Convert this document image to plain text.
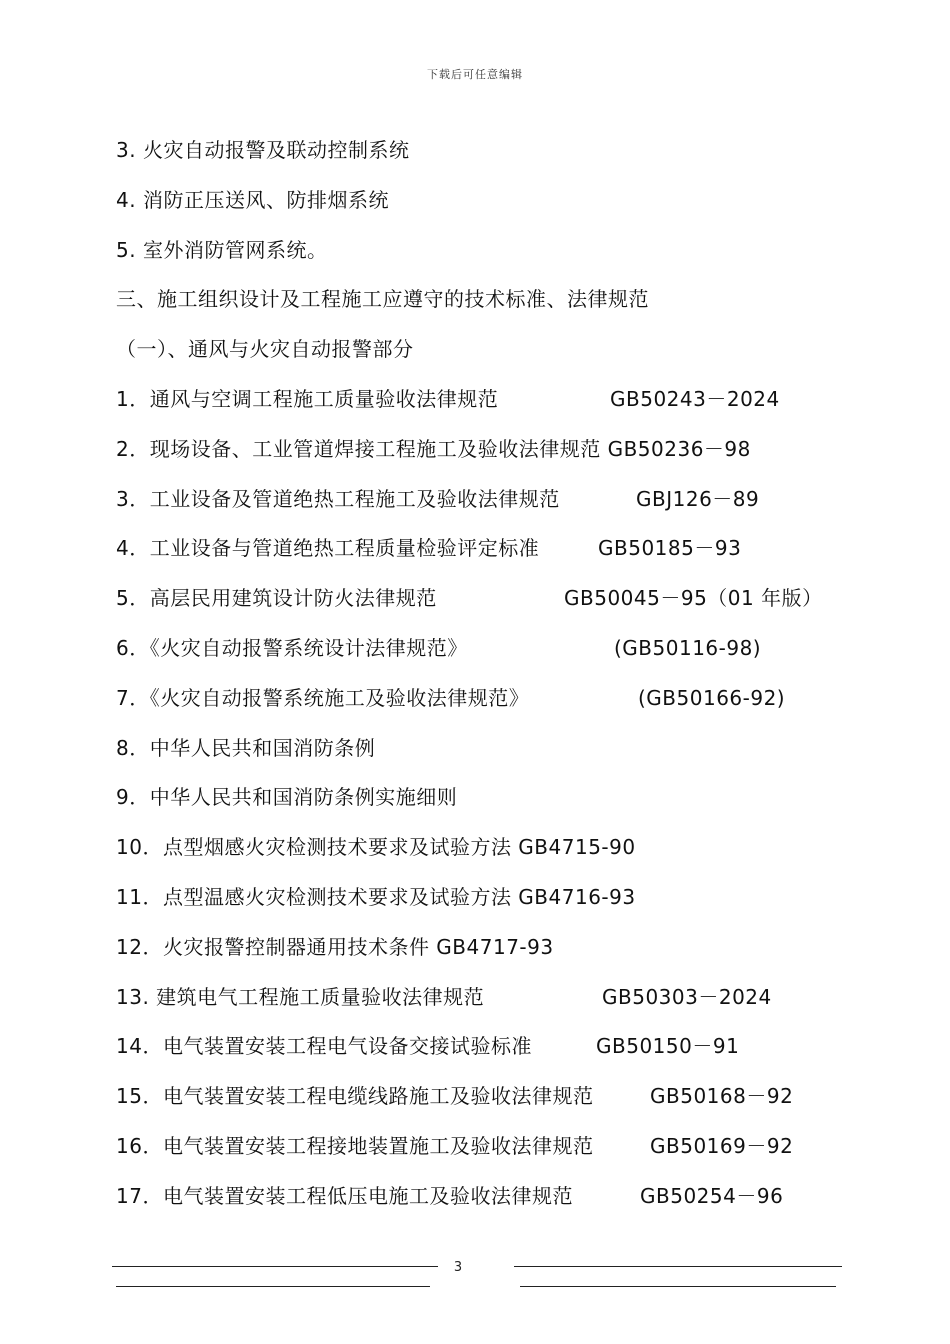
下载后可任意编辑
3. 火灾自动报警及联动控制系统
4. 消防正压送风、防排烟系统
5. 室外消防管网系统。
三、施工组织设计及工程施工应遵守的技术标准、法律规范
（一）、通风与火灾自动报警部分
1．通风与空调工程施工质量验收法律规范	GB50243－2024
2．现场设备、工业管道焊接工程施工及验收法律规范 GB50236－98
3．工业设备及管道绝热工程施工及验收法律规范	GBJ126－89
4．工业设备与管道绝热工程质量检验评定标准	GB50185－93
5．高层民用建筑设计防火法律规范	GB50045－95（01 年版）
6．《火灾自动报警系统设计法律规范》	(GB50116-98)
7．《火灾自动报警系统施工及验收法律规范》	(GB50166-92)
8．中华人民共和国消防条例
9．中华人民共和国消防条例实施细则
10．点型烟感火灾检测技术要求及试验方法 GB4715-90
11．点型温感火灾检测技术要求及试验方法 GB4716-93
12．火灾报警控制器通用技术条件 GB4717-93
13. 建筑电气工程施工质量验收法律规范	GB50303－2024
14．电气装置安装工程电气设备交接试验标准	GB50150－91
15．电气装置安装工程电缆线路施工及验收法律规范	GB50168－92
16．电气装置安装工程接地装置施工及验收法律规范	GB50169－92
17．电气装置安装工程低压电施工及验收法律规范	GB50254－96
3
